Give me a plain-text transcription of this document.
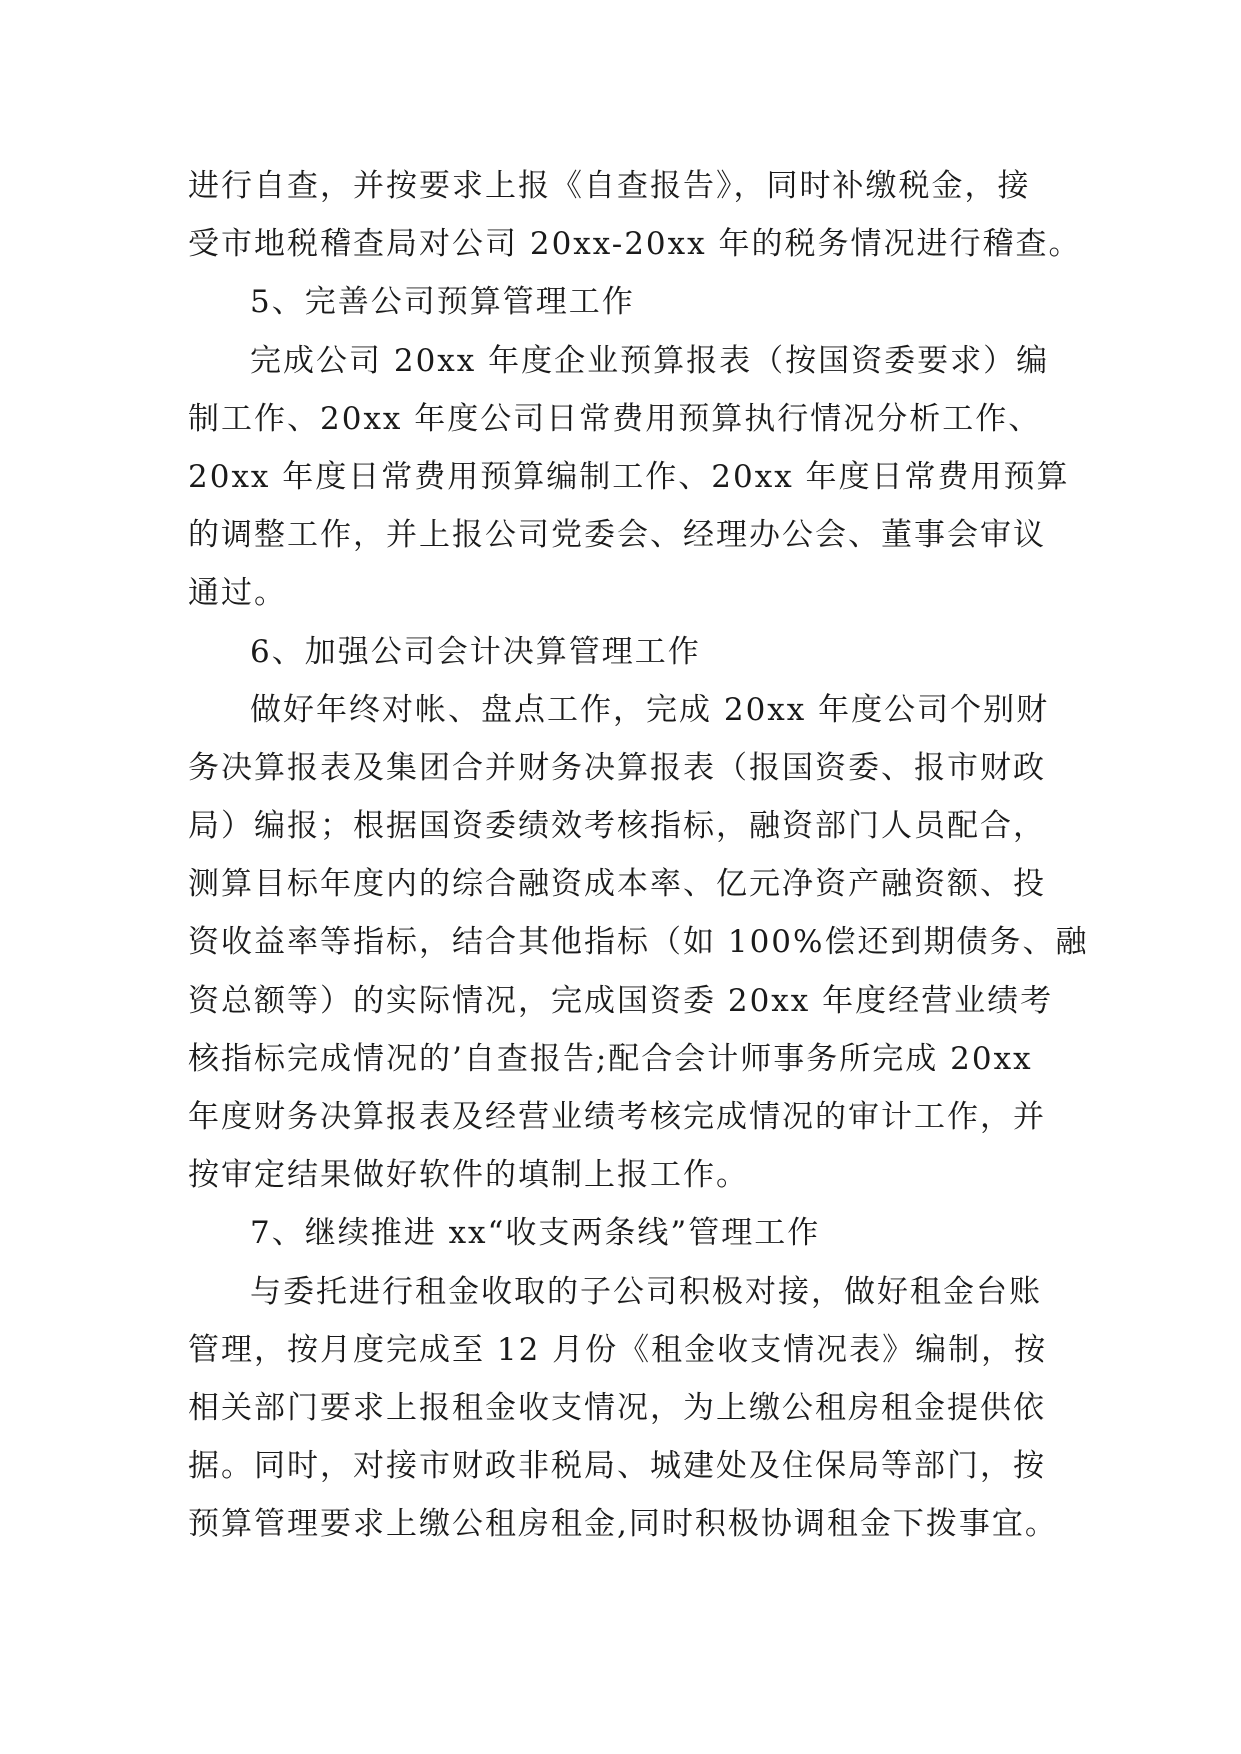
进行自查，并按要求上报《自查报告》，同时补缴税金，接
受市地税稽查局对公司 20xx-20xx 年的税务情况进行稽查。
5、完善公司预算管理工作
完成公司 20xx 年度企业预算报表（按国资委要求）编
制工作、20xx 年度公司日常费用预算执行情况分析工作、
20xx 年度日常费用预算编制工作、20xx 年度日常费用预算
的调整工作，并上报公司党委会、经理办公会、董事会审议
通过。
6、加强公司会计决算管理工作
做好年终对帐、盘点工作，完成 20xx 年度公司个别财
务决算报表及集团合并财务决算报表（报国资委、报市财政
局）编报；根据国资委绩效考核指标，融资部门人员配合，
测算目标年度内的综合融资成本率、亿元净资产融资额、投
资收益率等指标，结合其他指标（如 100%偿还到期债务、融
资总额等）的实际情况，完成国资委 20xx 年度经营业绩考
核指标完成情况的’自查报告;配合会计师事务所完成 20xx
年度财务决算报表及经营业绩考核完成情况的审计工作，并
按审定结果做好软件的填制上报工作。
7、继续推进 xx“收支两条线”管理工作
与委托进行租金收取的子公司积极对接，做好租金台账
管理，按月度完成至 12 月份《租金收支情况表》编制，按
相关部门要求上报租金收支情况，为上缴公租房租金提供依
据。同时，对接市财政非税局、城建处及住保局等部门，按
预算管理要求上缴公租房租金,同时积极协调租金下拨事宜。
